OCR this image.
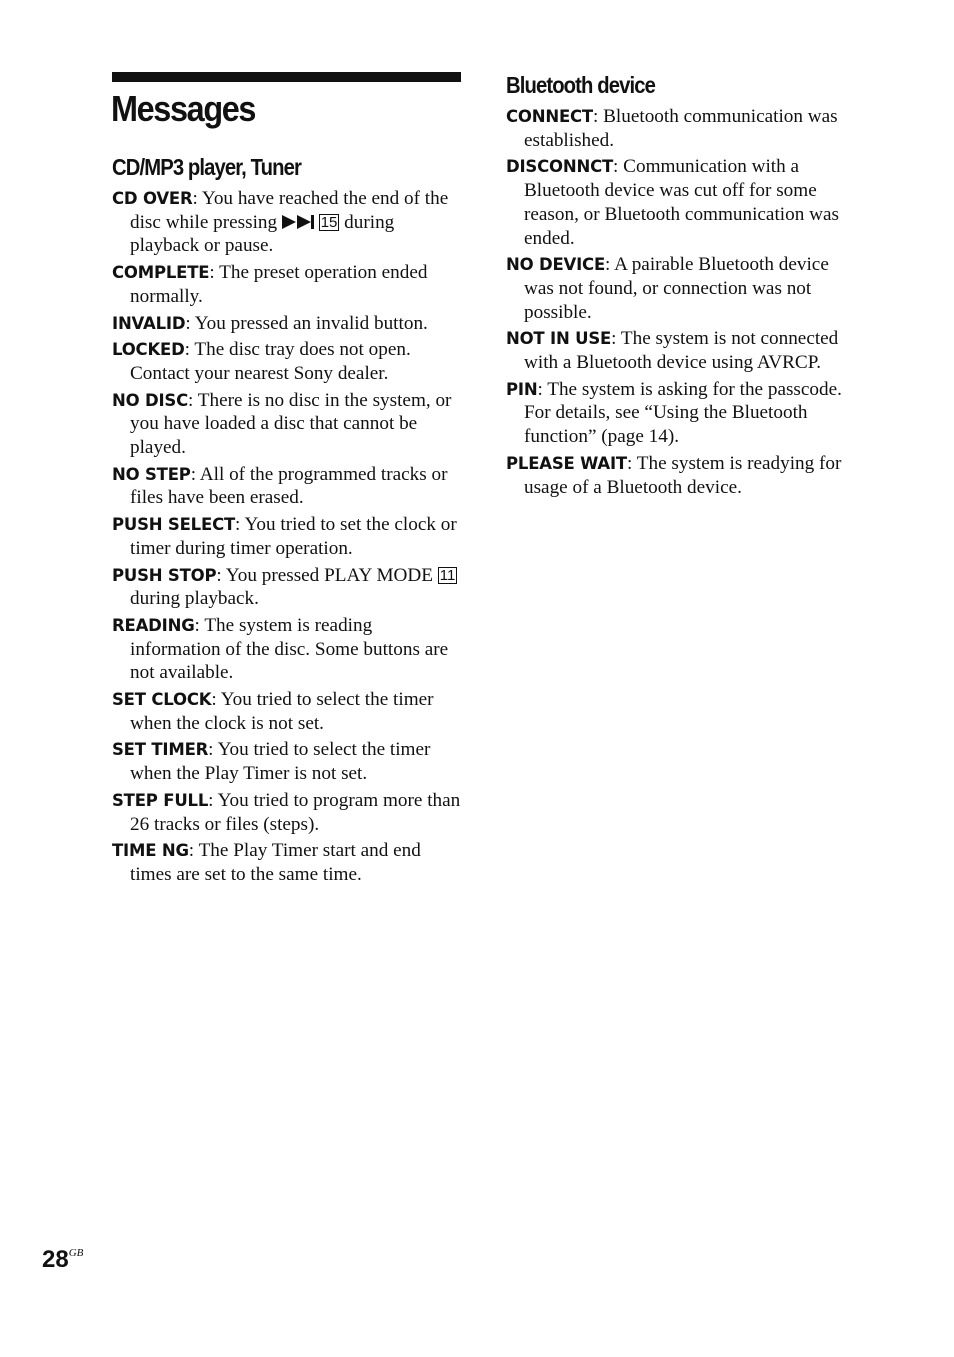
Messages
CD/MP3 player, Tuner

CD OVER: You have reached the end of the disc while pressing	15 during playback or pause.

COMPLETE: The preset operation ended normally.

INVALID: You pressed an invalid button.

LOCKED: The disc tray does not open. Contact your nearest Sony dealer.

NO DISC: There is no disc in the system, or you have loaded a disc that cannot be played.

NO STEP: All of the programmed tracks or files have been erased.

PUSH SELECT: You tried to set the clock or timer during timer operation.

PUSH STOP: You pressed PLAY MODE 11 during playback.

READING: The system is reading information of the disc. Some buttons are not available.

SET CLOCK: You tried to select the timer when the clock is not set.

SET TIMER: You tried to select the timer when the Play Timer is not set.

STEP FULL: You tried to program more than 26 tracks or files (steps).

TIME NG: The Play Timer start and end times are set to the same time.

Bluetooth device

CONNECT: Bluetooth communication was established.

DISCONNCT: Communication with a Bluetooth device was cut off for some reason, or Bluetooth communication was ended.

NO DEVICE: A pairable Bluetooth device was not found, or connection was not possible.

NOT IN USE: The system is not connected with a Bluetooth device using AVRCP.

PIN: The system is asking for the passcode. For details, see “Using the Bluetooth function” (page 14).

PLEASE WAIT: The system is readying for usage of a Bluetooth device.

$28^{GB}$
